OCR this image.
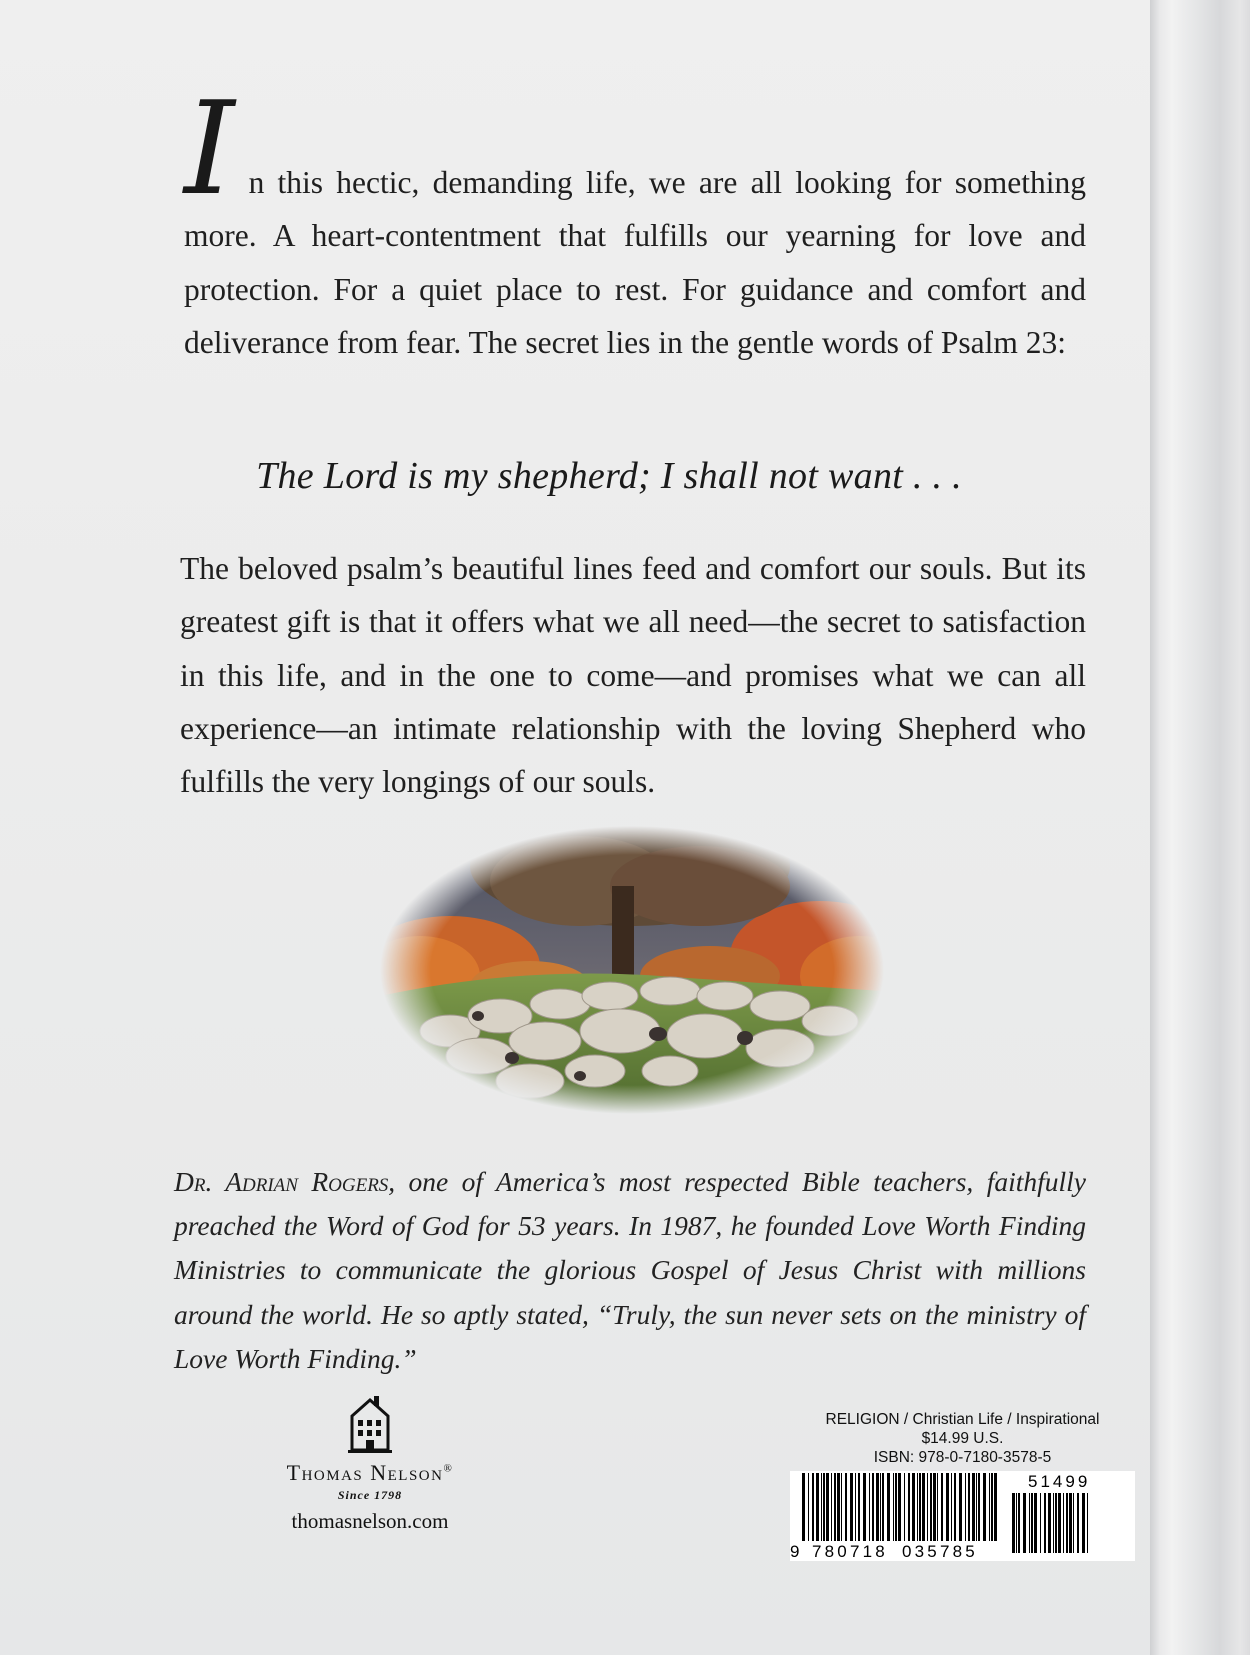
In this hectic, demanding life, we are all looking for something more. A heart-contentment that fulfills our yearning for love and protection. For a quiet place to rest. For guidance and comfort and deliverance from fear. The secret lies in the gentle words of Psalm 23:
The Lord is my shepherd; I shall not want . . .
The beloved psalm’s beautiful lines feed and comfort our souls. But its greatest gift is that it offers what we all need—the secret to satisfaction in this life, and in the one to come—and promises what we can all experience—an intimate relationship with the loving Shepherd who fulfills the very longings of our souls.
Dr. Adrian Rogers, one of America’s most respected Bible teachers, faithfully preached the Word of God for 53 years. In 1987, he founded Love Worth Finding Ministries to communicate the glorious Gospel of Jesus Christ with millions around the world. He so aptly stated, “Truly, the sun never sets on the ministry of Love Worth Finding.”
Thomas Nelson®
Since 1798
thomasnelson.com
RELIGION / Christian Life / Inspirational
$14.99 U.S.
ISBN: 978-0-7180-3578-5
9 780718 035785
51499
